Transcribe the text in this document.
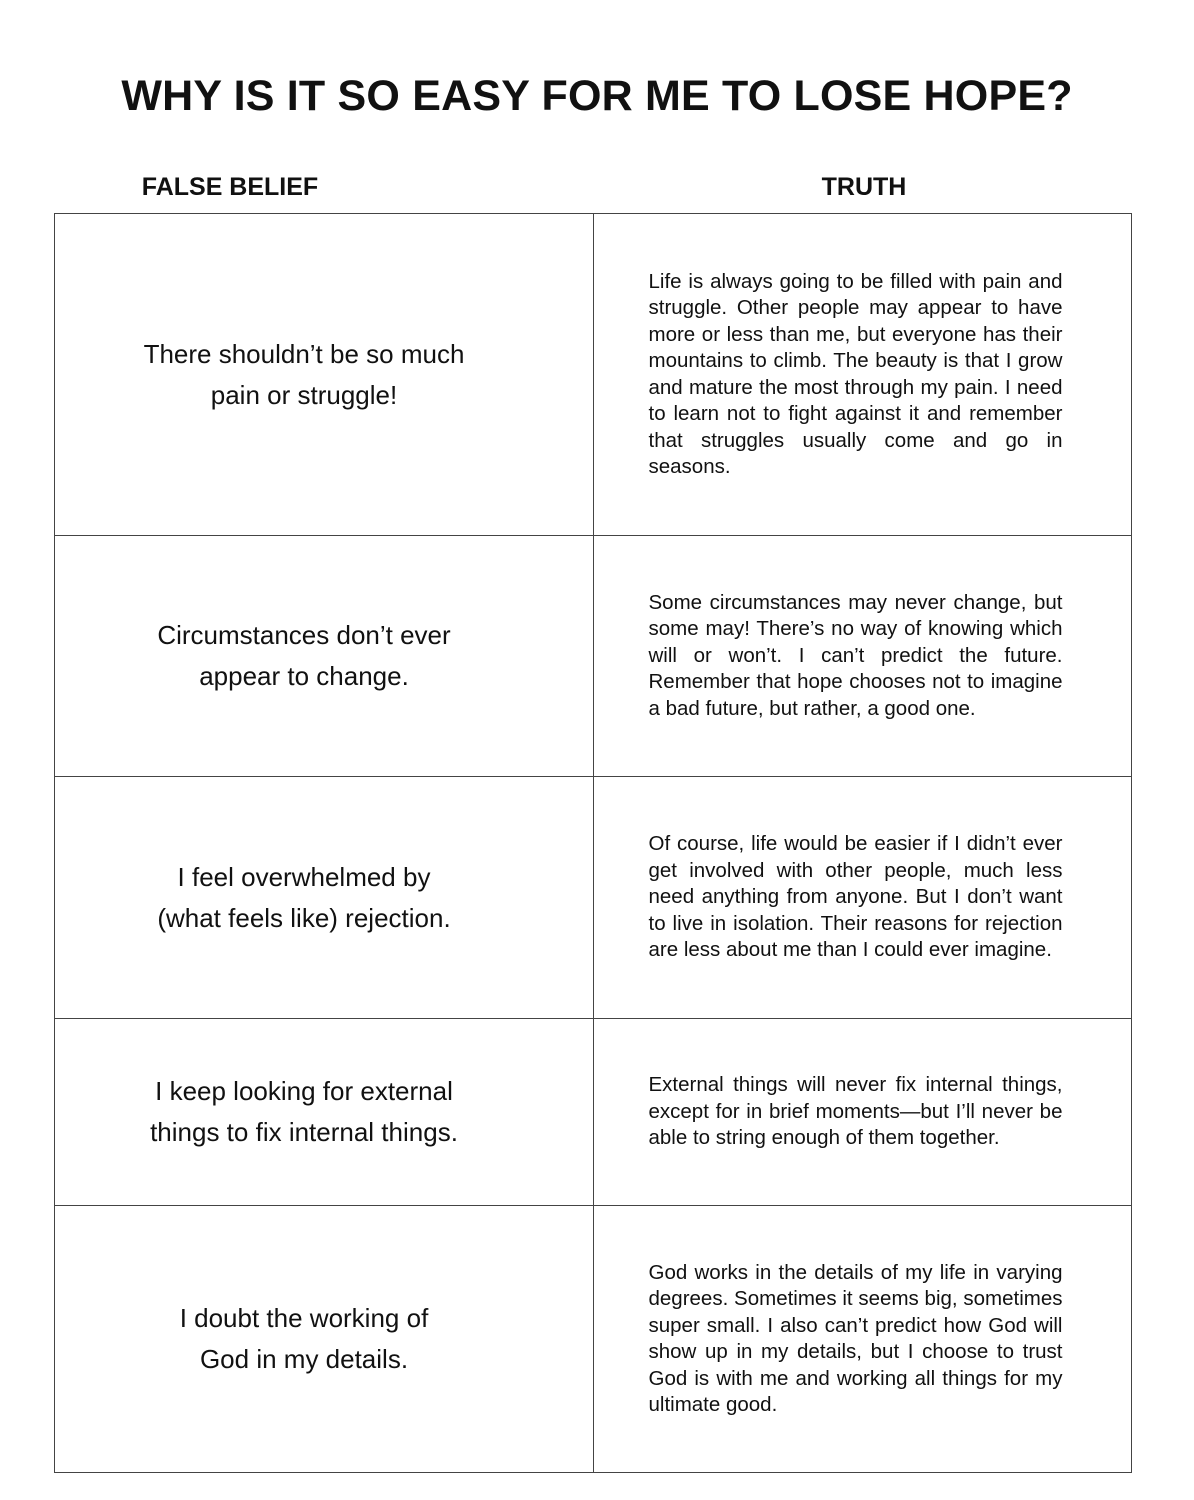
WHY IS IT SO EASY FOR ME TO LOSE HOPE?
FALSE BELIEF	TRUTH
There shouldn’t be so much
pain or struggle!
Life is always going to be filled with pain and struggle. Other people may appear to have more or less than me, but everyone has their mountains to climb. The beauty is that I grow and mature the most through my pain. I need to learn not to fight against it and remember that struggles usually come and go in seasons.
Circumstances don’t ever
appear to change.
Some circumstances may never change, but some may! There’s no way of knowing which will or won’t. I can’t predict the future. Remember that hope chooses not to imagine a bad future, but rather, a good one.
I feel overwhelmed by
(what feels like) rejection.
Of course, life would be easier if I didn’t ever get involved with other people, much less need anything from anyone. But I don’t want to live in isolation. Their reasons for rejection are less about me than I could ever imagine.
I keep looking for external
things to fix internal things.
External things will never fix internal things, except for in brief moments—but I’ll never be able to string enough of them together.
I doubt the working of
God in my details.
God works in the details of my life in varying degrees. Sometimes it seems big, sometimes super small. I also can’t predict how God will show up in my details, but I choose to trust God is with me and working all things for my ultimate good.
